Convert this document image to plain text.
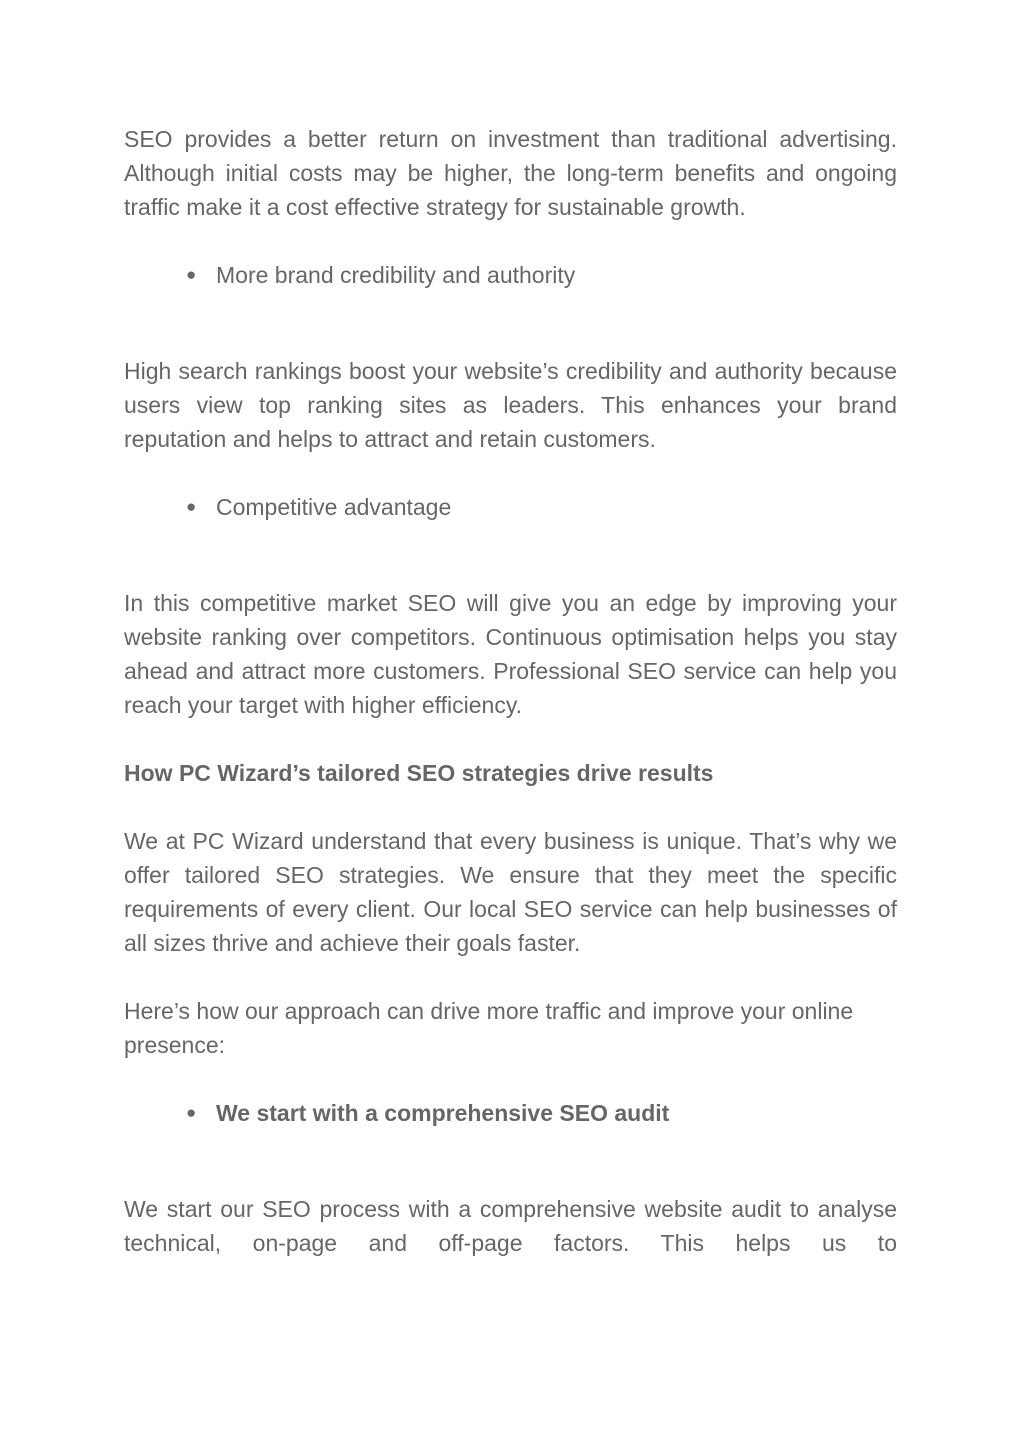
SEO provides a better return on investment than traditional advertising. Although initial costs may be higher, the long-term benefits and ongoing traffic make it a cost effective strategy for sustainable growth.

● More brand credibility and authority

High search rankings boost your website’s credibility and authority because users view top ranking sites as leaders. This enhances your brand reputation and helps to attract and retain customers.

● Competitive advantage

In this competitive market SEO will give you an edge by improving your website ranking over competitors. Continuous optimisation helps you stay ahead and attract more customers. Professional SEO service can help you reach your target with higher efficiency.

How PC Wizard’s tailored SEO strategies drive results

We at PC Wizard understand that every business is unique. That’s why we offer tailored SEO strategies. We ensure that they meet the specific requirements of every client. Our local SEO service can help businesses of all sizes thrive and achieve their goals faster.

Here’s how our approach can drive more traffic and improve your online presence:

● We start with a comprehensive SEO audit

We start our SEO process with a comprehensive website audit to analyse technical, on-page and off-page factors. This helps us to
